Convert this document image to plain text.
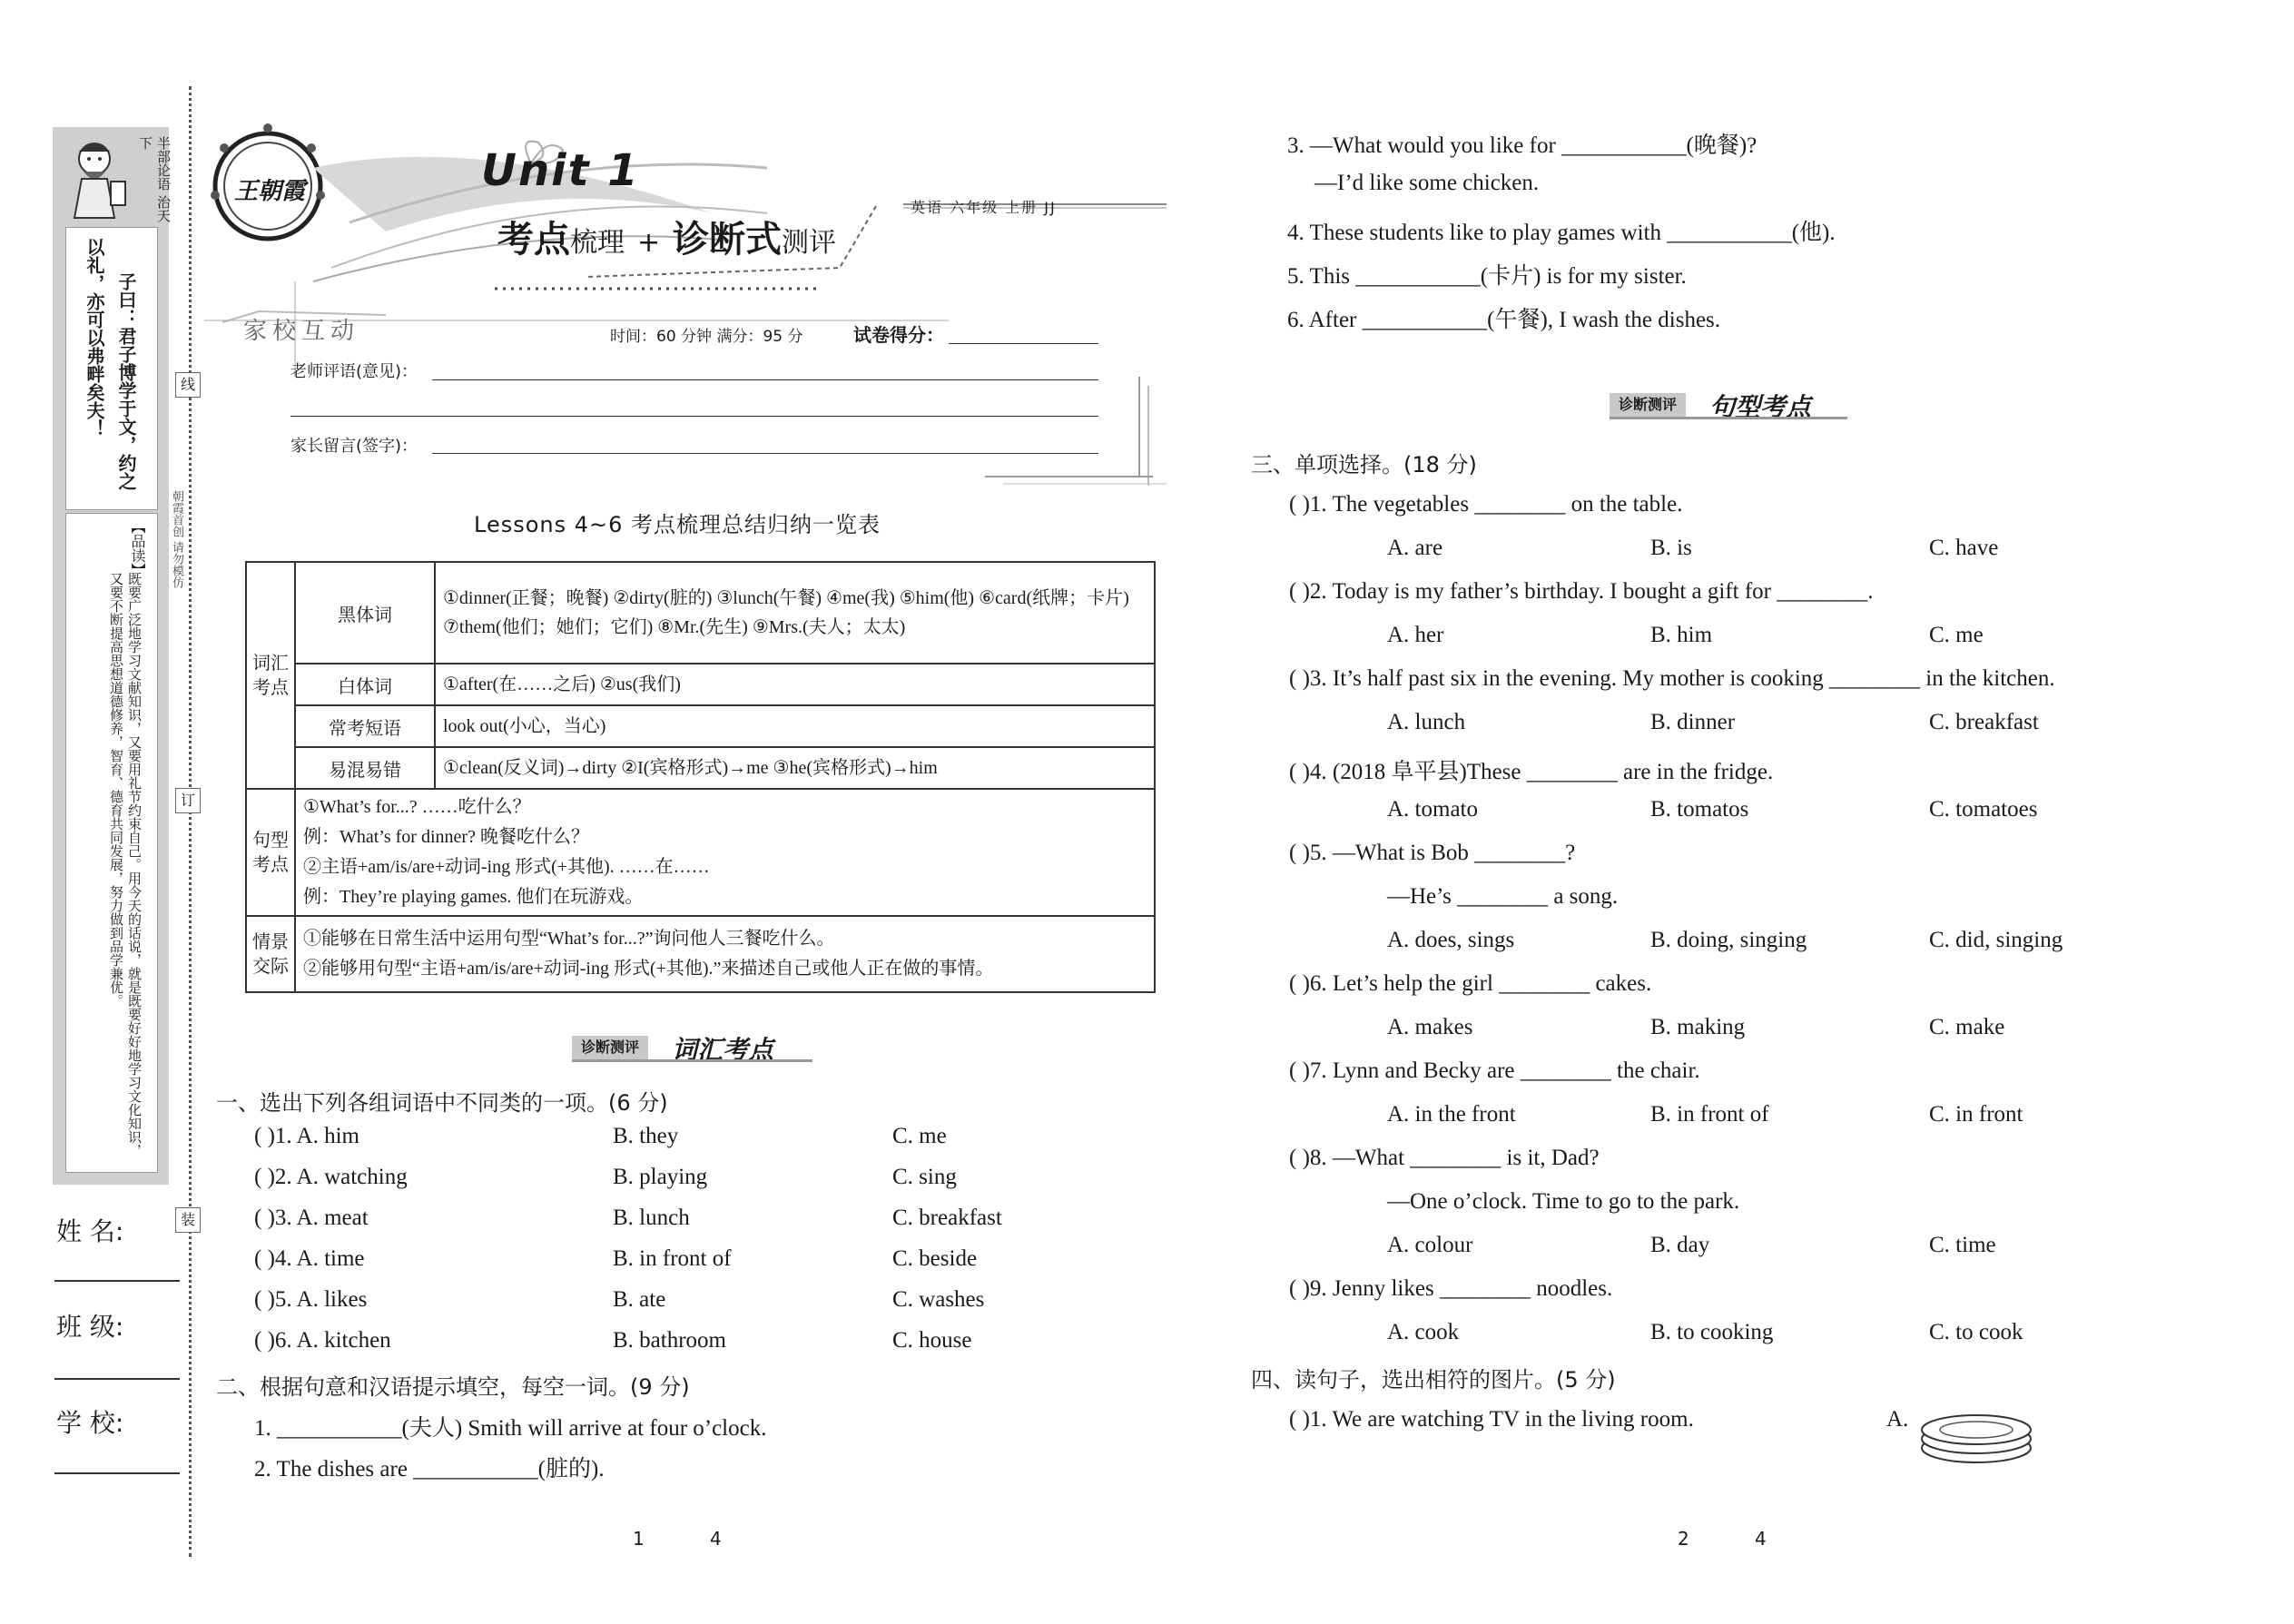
半部论语 治天下
子曰：君子博学于文，约之
以礼，亦可以弗畔矣夫！
【品读】
既要广泛地学习文献知识，又要用礼节约束自己。用今天的话说，就是既要好好地学习文化知识，又要不断提高思想道德修养，智育、德育共同发展，努力做到品学兼优。
朝霞首创 请勿模仿
线
订
装
姓 名:
班 级:
学 校:
王朝霞	Unit 1
考点梳理 + 诊断式测评
英语 六年级 上册 JJ
家校互动	时间：60 分钟 满分：95 分	试卷得分：
老师评语(意见)：
家长留言(签字)：
Lessons 4~6 考点梳理总结归纳一览表
词汇考点	黑体词	①dinner(正餐；晚餐) ②dirty(脏的) ③lunch(午餐) ④me(我) ⑤him(他) ⑥card(纸牌；卡片) ⑦them(他们；她们；它们) ⑧Mr.(先生) ⑨Mrs.(夫人；太太)
	白体词	①after(在……之后) ②us(我们)
	常考短语	look out(小心，当心)
	易混易错	①clean(反义词)→dirty ②I(宾格形式)→me ③he(宾格形式)→him
句型考点	①What’s for...? ……吃什么？
例：What’s for dinner? 晚餐吃什么？
②主语+am/is/are+动词-ing 形式(+其他). ……在……
例：They’re playing games. 他们在玩游戏。	

情景交际	①能够在日常生活中运用句型“What’s for...?”询问他人三餐吃什么。
②能够用句型“主语+am/is/are+动词-ing 形式(+其他).”来描述自己或他人正在做的事情。	
诊断测评	词汇考点
一、选出下列各组词语中不同类的一项。(6 分)
( )1. A. him	B. they	C. me
( )2. A. watching	B. playing	C. sing
( )3. A. meat	B. lunch	C. breakfast
( )4. A. time	B. in front of	C. beside
( )5. A. likes	B. ate	C. washes
( )6. A. kitchen	B. bathroom	C. house
二、根据句意和汉语提示填空，每空一词。(9 分)
1. ___________(夫人) Smith will arrive at four o’clock.
2. The dishes are ___________(脏的).
1	4
3. —What would you like for ___________(晚餐)?
—I’d like some chicken.
4. These students like to play games with ___________(他).
5. This ___________(卡片) is for my sister.
6. After ___________(午餐), I wash the dishes.
诊断测评	句型考点
三、单项选择。(18 分)
( )1. The vegetables ________ on the table.
A. are	B. is	C. have
( )2. Today is my father’s birthday. I bought a gift for ________.
A. her	B. him	C. me
( )3. It’s half past six in the evening. My mother is cooking ________ in the kitchen.
A. lunch	B. dinner	C. breakfast
( )4. (2018 阜平县)These ________ are in the fridge.
A. tomato	B. tomatos	C. tomatoes
( )5. —What is Bob ________?
—He’s ________ a song.
A. does, sings	B. doing, singing	C. did, singing
( )6. Let’s help the girl ________ cakes.
A. makes	B. making	C. make
( )7. Lynn and Becky are ________ the chair.
A. in the front	B. in front of	C. in front
( )8. —What ________ is it, Dad?
—One o’clock. Time to go to the park.
A. colour	B. day	C. time
( )9. Jenny likes ________ noodles.
A. cook	B. to cooking	C. to cook
四、读句子，选出相符的图片。(5 分)
( )1. We are watching TV in the living room.	A.
2	4
